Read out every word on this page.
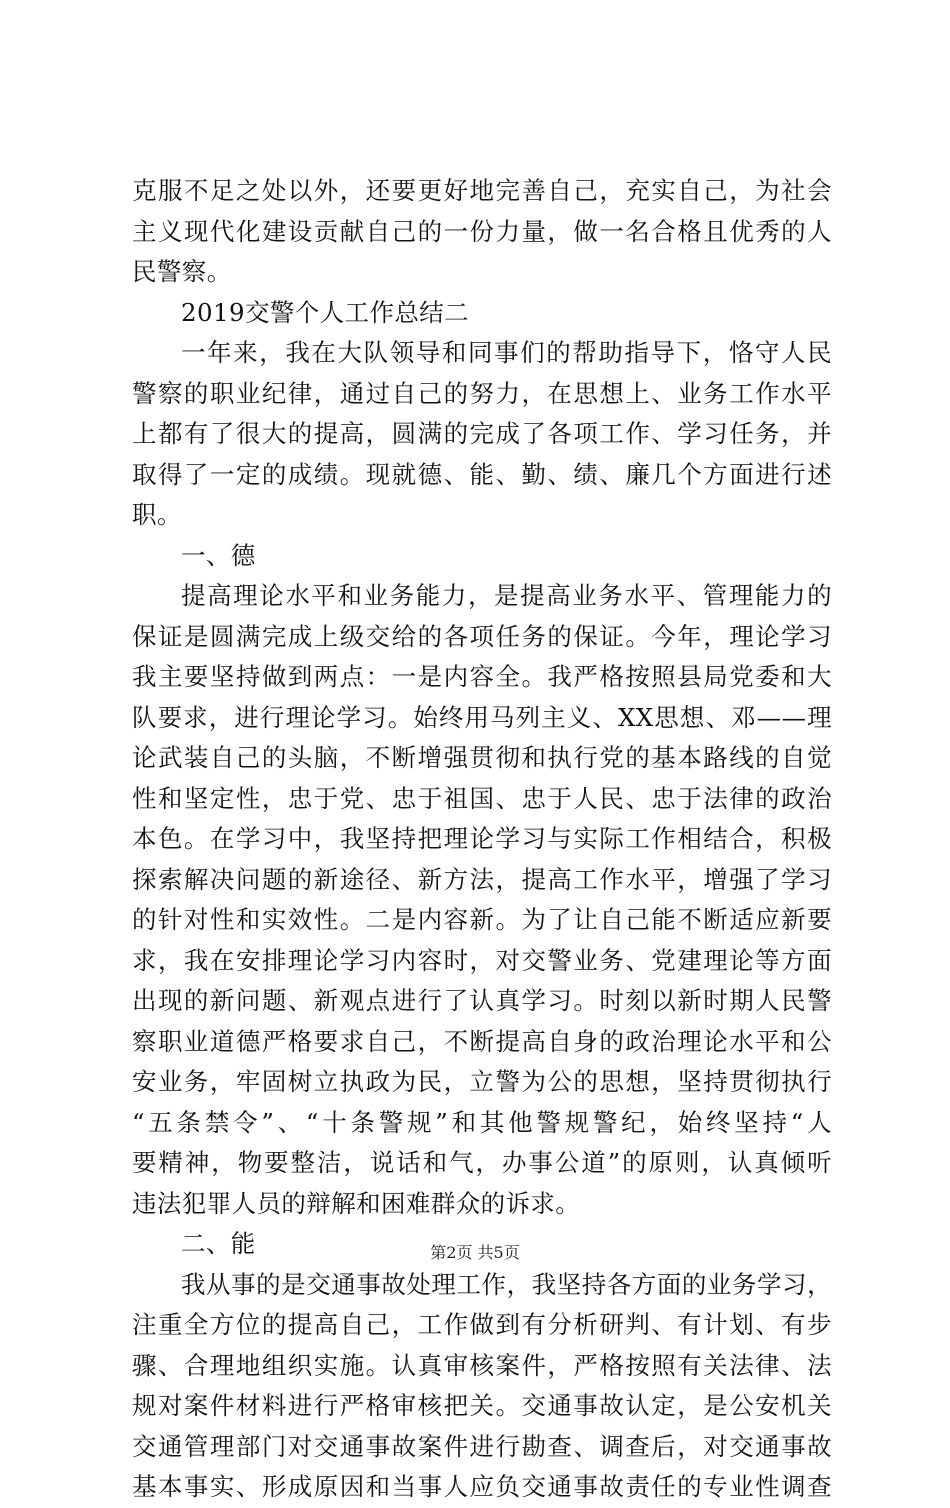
克服不足之处以外，还要更好地完善自己，充实自己，为社会
主义现代化建设贡献自己的一份力量，做一名合格且优秀的人
民警察。
2019交警个人工作总结二
一年来，我在大队领导和同事们的帮助指导下，恪守人民
警察的职业纪律，通过自己的努力，在思想上、业务工作水平
上都有了很大的提高，圆满的完成了各项工作、学习任务，并
取得了一定的成绩。现就德、能、勤、绩、廉几个方面进行述
职。
一、德
提高理论水平和业务能力，是提高业务水平、管理能力的
保证是圆满完成上级交给的各项任务的保证。今年，理论学习
我主要坚持做到两点：一是内容全。我严格按照县局党委和大
队要求，进行理论学习。始终用马列主义、XX思想、邓——理
论武装自己的头脑，不断增强贯彻和执行党的基本路线的自觉
性和坚定性，忠于党、忠于祖国、忠于人民、忠于法律的政治
本色。在学习中，我坚持把理论学习与实际工作相结合，积极
探索解决问题的新途径、新方法，提高工作水平，增强了学习
的针对性和实效性。二是内容新。为了让自己能不断适应新要
求，我在安排理论学习内容时，对交警业务、党建理论等方面
出现的新问题、新观点进行了认真学习。时刻以新时期人民警
察职业道德严格要求自己，不断提高自身的政治理论水平和公
安业务，牢固树立执政为民，立警为公的思想，坚持贯彻执行
“五条禁令”、“十条警规”和其他警规警纪，始终坚持“人
要精神，物要整洁，说话和气，办事公道”的原则，认真倾听
违法犯罪人员的辩解和困难群众的诉求。
二、能
我从事的是交通事故处理工作，我坚持各方面的业务学习，
注重全方位的提高自己，工作做到有分析研判、有计划、有步
骤、合理地组织实施。认真审核案件，严格按照有关法律、法
规对案件材料进行严格审核把关。交通事故认定，是公安机关
交通管理部门对交通事故案件进行勘查、调查后，对交通事故
基本事实、形成原因和当事人应负交通事故责任的专业性调查
第2页 共5页
